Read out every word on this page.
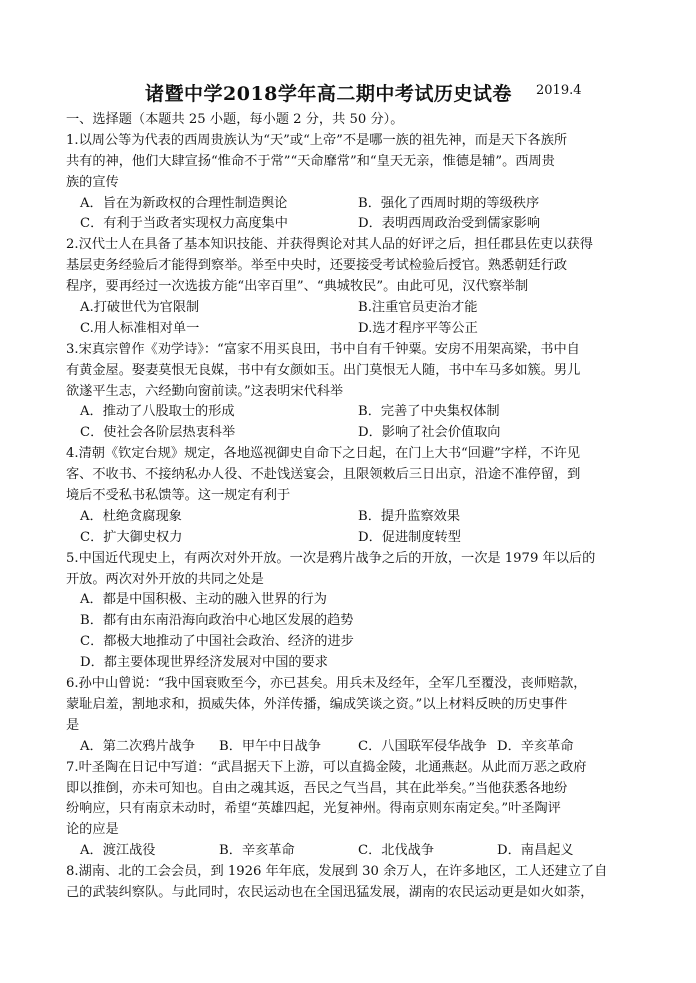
诸暨中学2018学年高二期中考试历史试卷 2019.4
一、选择题（本题共 25 小题，每小题 2 分，共 50 分）。
1.以周公等为代表的西周贵族认为“天”或“上帝”不是哪一族的祖先神，而是天下各族所
共有的神，他们大肆宣扬“惟命不于常”“天命靡常”和“皇天无亲，惟德是辅”。西周贵
族的宣传
A．旨在为新政权的合理性制造舆论	B．强化了西周时期的等级秩序
C．有利于当政者实现权力高度集中	D．表明西周政治受到儒家影响
2.汉代士人在具备了基本知识技能、并获得舆论对其人品的好评之后，担任郡县佐吏以获得
基层吏务经验后才能得到察举。举至中央时，还要接受考试检验后授官。熟悉朝廷行政
程序，要再经过一次选拔方能“出宰百里”、“典城牧民”。由此可见，汉代察举制
A.打破世代为官限制	B.注重官员吏治才能
C.用人标准相对单一	D.选才程序平等公正
3.宋真宗曾作《劝学诗》：“富家不用买良田，书中自有千钟粟。安房不用架高梁，书中自
有黄金屋。娶妻莫恨无良媒，书中有女颜如玉。出门莫恨无人随，书中车马多如簇。男儿
欲遂平生志，六经勤向窗前读。”这表明宋代科举
A．推动了八股取士的形成	B．完善了中央集权体制
C．使社会各阶层热衷科举	D．影响了社会价值取向
4.清朝《钦定台规》规定，各地巡视御史自命下之日起，在门上大书“回避”字样，不许见
客、不收书、不接纳私办人役、不赴饯送宴会，且限领敕后三日出京，沿途不准停留，到
境后不受私书私馈等。这一规定有利于
A．杜绝贪腐现象	B．提升监察效果
C．扩大御史权力	D．促进制度转型
5.中国近代现史上，有两次对外开放。一次是鸦片战争之后的开放，一次是 1979 年以后的
开放。两次对外开放的共同之处是
A．都是中国积极、主动的融入世界的行为
B．都有由东南沿海向政治中心地区发展的趋势
C．都极大地推动了中国社会政治、经济的进步
D．都主要体现世界经济发展对中国的要求
6.孙中山曾说：“我中国衰败至今，亦已甚矣。用兵未及经年，全军几至覆没，丧师赔款，
蒙耻启羞，割地求和，损威失体，外洋传播，编成笑谈之资。”以上材料反映的历史事件
是
A．第二次鸦片战争	B．甲午中日战争	C．八国联军侵华战争 D．辛亥革命
7.叶圣陶在日记中写道：“武昌据天下上游，可以直捣金陵，北通燕赵。从此而万恶之政府
即以推倒，亦未可知也。自由之魂其返，吾民之气当昌，其在此举矣。”当他获悉各地纷
纷响应，只有南京未动时，希望“英雄四起，光复神州。得南京则东南定矣。”叶圣陶评
论的应是
A．渡江战役	B．辛亥革命	C．北伐战争	D．南昌起义
8.湖南、北的工会会员，到 1926 年年底，发展到 30 余万人，在许多地区，工人还建立了自
己的武装纠察队。与此同时，农民运动也在全国迅猛发展，湖南的农民运动更是如火如荼，
